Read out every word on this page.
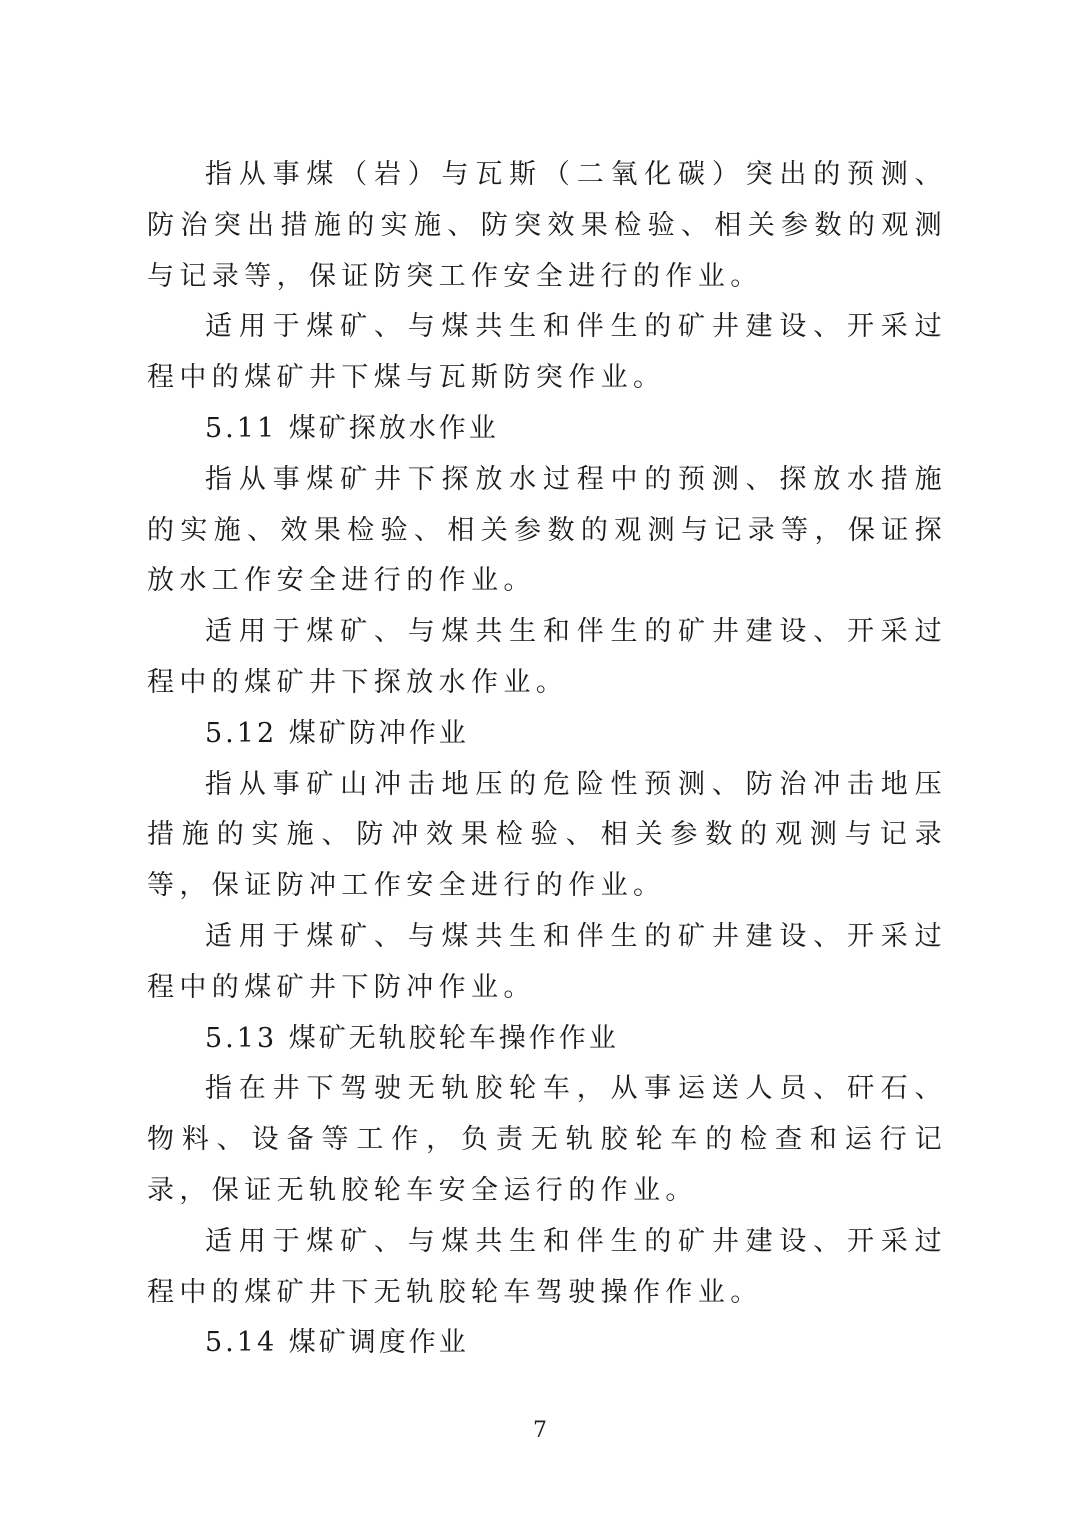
指从事煤（岩）与瓦斯（二氧化碳）突出的预测、防治突出措施的实施、防突效果检验、相关参数的观测与记录等，保证防突工作安全进行的作业。

适用于煤矿、与煤共生和伴生的矿井建设、开采过程中的煤矿井下煤与瓦斯防突作业。

5.11 煤矿探放水作业

指从事煤矿井下探放水过程中的预测、探放水措施的实施、效果检验、相关参数的观测与记录等，保证探放水工作安全进行的作业。

适用于煤矿、与煤共生和伴生的矿井建设、开采过程中的煤矿井下探放水作业。

5.12 煤矿防冲作业

指从事矿山冲击地压的危险性预测、防治冲击地压措施的实施、防冲效果检验、相关参数的观测与记录等，保证防冲工作安全进行的作业。

适用于煤矿、与煤共生和伴生的矿井建设、开采过程中的煤矿井下防冲作业。

5.13 煤矿无轨胶轮车操作作业

指在井下驾驶无轨胶轮车，从事运送人员、矸石、物料、设备等工作，负责无轨胶轮车的检查和运行记录，保证无轨胶轮车安全运行的作业。

适用于煤矿、与煤共生和伴生的矿井建设、开采过程中的煤矿井下无轨胶轮车驾驶操作作业。

5.14 煤矿调度作业

7
